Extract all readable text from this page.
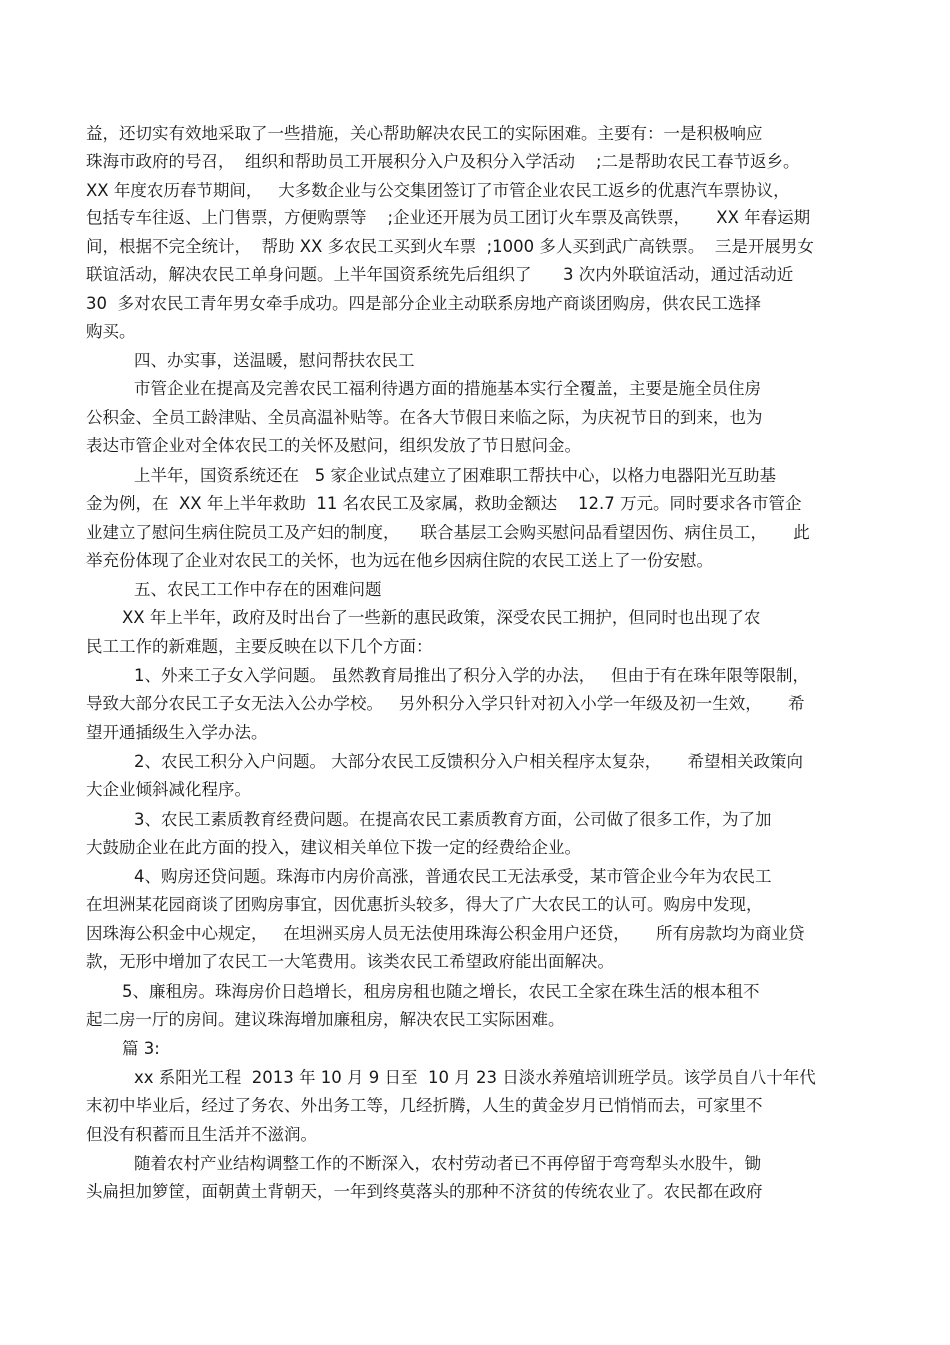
益，还切实有效地采取了一些措施，关心帮助解决农民工的实际困难。主要有：一是积极响应
珠海市政府的号召，  组织和帮助员工开展积分入户及积分入学活动    ;二是帮助农民工春节返乡。
XX 年度农历春节期间，   大多数企业与公交集团签订了市管企业农民工返乡的优惠汽车票协议，
包括专车往返、上门售票，方便购票等    ;企业还开展为员工团订火车票及高铁票，     XX 年春运期
间，根据不完全统计，  帮助 XX 多农民工买到火车票  ;1000 多人买到武广高铁票。  三是开展男女
联谊活动，解决农民工单身问题。上半年国资系统先后组织了      3 次内外联谊活动，通过活动近
30  多对农民工青年男女牵手成功。四是部分企业主动联系房地产商谈团购房，供农民工选择
购买。
四、办实事，送温暖，慰问帮扶农民工
市管企业在提高及完善农民工福利待遇方面的措施基本实行全覆盖，主要是施全员住房
公积金、全员工龄津贴、全员高温补贴等。在各大节假日来临之际，为庆祝节日的到来，也为
表达市管企业对全体农民工的关怀及慰问，组织发放了节日慰问金。
上半年，国资系统还在   5 家企业试点建立了困难职工帮扶中心，以格力电器阳光互助基
金为例，在  XX 年上半年救助  11 名农民工及家属，救助金额达    12.7 万元。同时要求各市管企
业建立了慰问生病住院员工及产妇的制度，    联合基层工会购买慰问品看望因伤、病住员工，     此
举充份体现了企业对农民工的关怀，也为远在他乡因病住院的农民工送上了一份安慰。
五、农民工工作中存在的困难问题
XX 年上半年，政府及时出台了一些新的惠民政策，深受农民工拥护，但同时也出现了农
民工工作的新难题，主要反映在以下几个方面：
1、外来工子女入学问题。 虽然教育局推出了积分入学的办法，   但由于有在珠年限等限制，
导致大部分农民工子女无法入公办学校。   另外积分入学只针对初入小学一年级及初一生效，     希
望开通插级生入学办法。
2、农民工积分入户问题。 大部分农民工反馈积分入户相关程序太复杂，     希望相关政策向
大企业倾斜减化程序。
3、农民工素质教育经费问题。在提高农民工素质教育方面，公司做了很多工作，为了加
大鼓励企业在此方面的投入，建议相关单位下拨一定的经费给企业。
4、购房还贷问题。珠海市内房价高涨，普通农民工无法承受，某市管企业今年为农民工
在坦洲某花园商谈了团购房事宜，因优惠折头较多，得大了广大农民工的认可。购房中发现，
因珠海公积金中心规定，   在坦洲买房人员无法使用珠海公积金用户还贷，     所有房款均为商业贷
款，无形中增加了农民工一大笔费用。该类农民工希望政府能出面解决。
5、廉租房。珠海房价日趋增长，租房房租也随之增长，农民工全家在珠生活的根本租不
起二房一厅的房间。建议珠海增加廉租房，解决农民工实际困难。
篇 3:
xx 系阳光工程  2013 年 10 月 9 日至  10 月 23 日淡水养殖培训班学员。该学员自八十年代
末初中毕业后，经过了务农、外出务工等，几经折腾，人生的黄金岁月已悄悄而去，可家里不
但没有积蓄而且生活并不滋润。
随着农村产业结构调整工作的不断深入，农村劳动者已不再停留于弯弯犁头水股牛，锄
头扁担加箩筐，面朝黄土背朝天，一年到终莫落头的那种不济贫的传统农业了。农民都在政府
